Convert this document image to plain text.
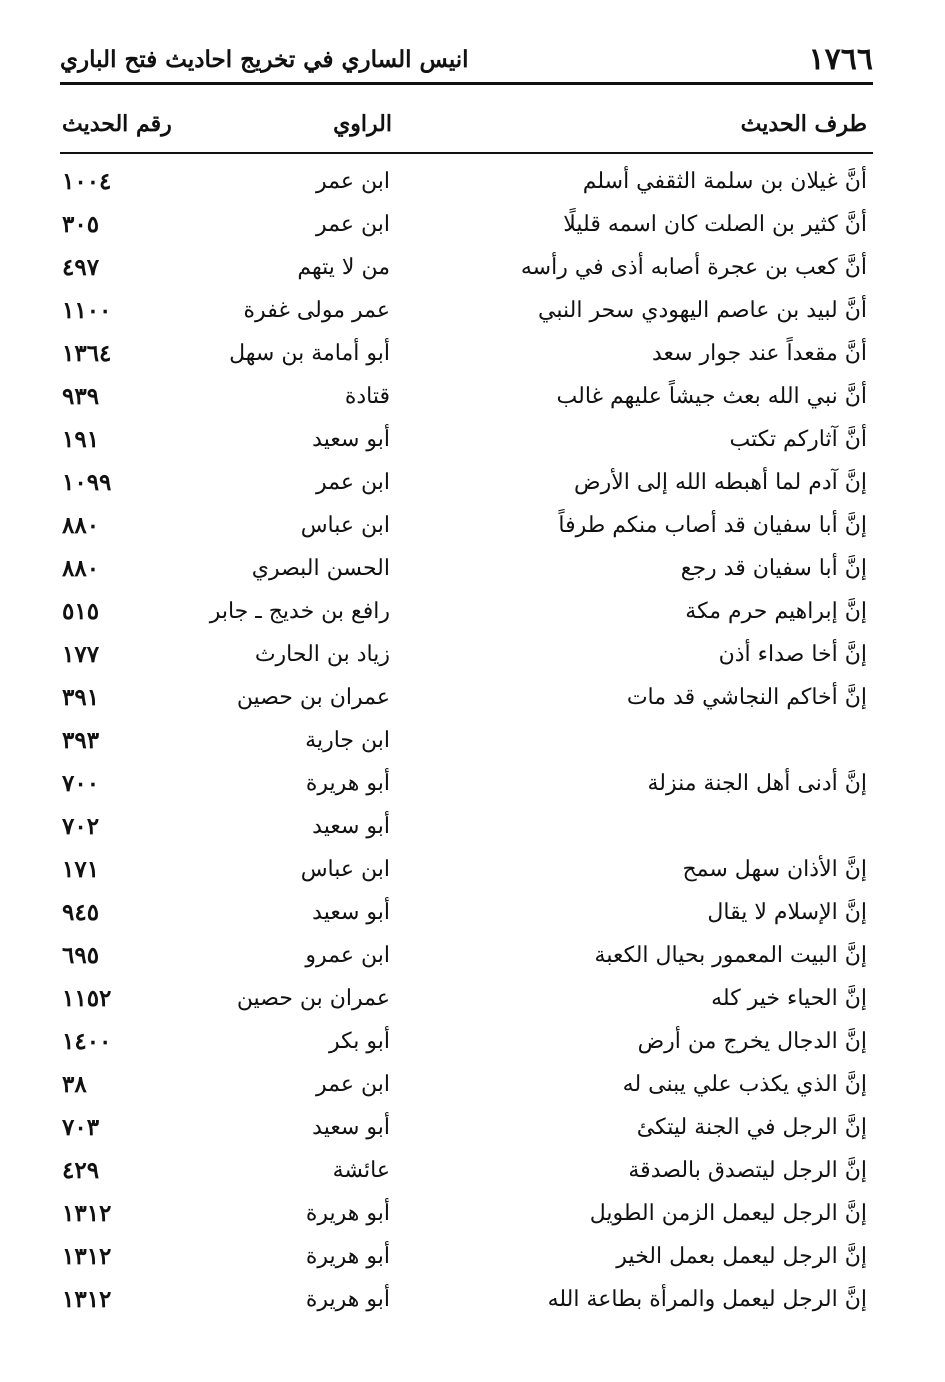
١٧٦٦
انيس الساري في تخريج احاديث فتح الباري
طرف الحديث
الراوي
رقم الحديث
أنَّ غيلان بن سلمة الثقفي أسلم
ابن عمر
١٠٠٤
أنَّ كثير بن الصلت كان اسمه قليلًا
ابن عمر
٣٠٥
أنَّ كعب بن عجرة أصابه أذى في رأسه
من لا يتهم
٤٩٧
أنَّ لبيد بن عاصم اليهودي سحر النبي
عمر مولى غفرة
١١٠٠
أنَّ مقعداً عند جوار سعد
أبو أمامة بن سهل
١٣٦٤
أنَّ نبي الله بعث جيشاً عليهم غالب
قتادة
٩٣٩
أنَّ آثاركم تكتب
أبو سعيد
١٩١
إنَّ آدم لما أهبطه الله إلى الأرض
ابن عمر
١٠٩٩
إنَّ أبا سفيان قد أصاب منكم طرفاً
ابن عباس
٨٨٠
إنَّ أبا سفيان قد رجع
الحسن البصري
٨٨٠
إنَّ إبراهيم حرم مكة
رافع بن خديج ـ جابر
٥١٥
إنَّ أخا صداء أذن
زياد بن الحارث
١٧٧
إنَّ أخاكم النجاشي قد مات
عمران بن حصين
٣٩١
إنَّ أدنى أهل الجنة منزلة
ابن جارية
٣٩٣
أبو هريرة
٧٠٠
أبو سعيد
٧٠٢
إنَّ الأذان سهل سمح
ابن عباس
١٧١
إنَّ الإسلام لا يقال
أبو سعيد
٩٤٥
إنَّ البيت المعمور بحيال الكعبة
ابن عمرو
٦٩٥
إنَّ الحياء خير كله
عمران بن حصين
١١٥٢
إنَّ الدجال يخرج من أرض
أبو بكر
١٤٠٠
إنَّ الذي يكذب علي يبنى له
ابن عمر
٣٨
إنَّ الرجل في الجنة ليتكئ
أبو سعيد
٧٠٣
إنَّ الرجل ليتصدق بالصدقة
عائشة
٤٢٩
إنَّ الرجل ليعمل الزمن الطويل
أبو هريرة
١٣١٢
إنَّ الرجل ليعمل بعمل الخير
أبو هريرة
١٣١٢
إنَّ الرجل ليعمل والمرأة بطاعة الله
أبو هريرة
١٣١٢
